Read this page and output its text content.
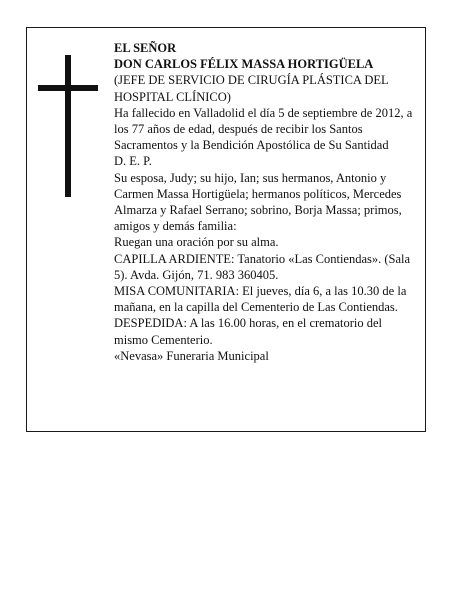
EL SEÑOR

DON CARLOS FÉLIX MASSA HORTIGÜELA

(JEFE DE SERVICIO DE CIRUGÍA PLÁSTICA DEL HOSPITAL CLÍNICO)

Ha fallecido en Valladolid el día 5 de septiembre de 2012, a los 77 años de edad, después de recibir los Santos Sacramentos y la Bendición Apostólica de Su Santidad

D. E. P.

Su esposa, Judy; su hijo, Ian; sus hermanos, Antonio y Carmen Massa Hortigüela; hermanos políticos, Mercedes Almarza y Rafael Serrano; sobrino, Borja Massa; primos, amigos y demás familia:

Ruegan una oración por su alma.

CAPILLA ARDIENTE: Tanatorio «Las Contiendas». (Sala 5). Avda. Gijón, 71. 983 360405.

MISA COMUNITARIA: El jueves, día 6, a las 10.30 de la mañana, en la capilla del Cementerio de Las Contiendas.

DESPEDIDA: A las 16.00 horas, en el crematorio del mismo Cementerio.

«Nevasa» Funeraria Municipal
